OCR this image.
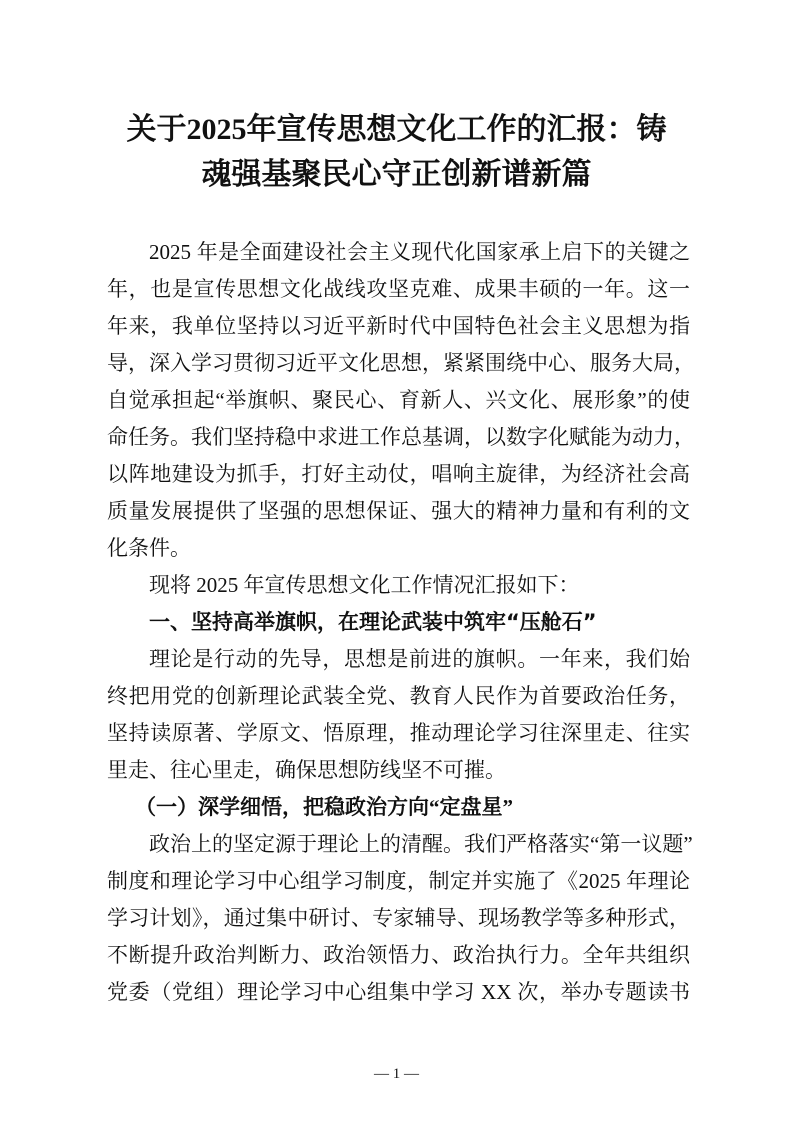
关于2025年宣传思想文化工作的汇报：铸
魂强基聚民心守正创新谱新篇
2025 年是全面建设社会主义现代化国家承上启下的关键之
年，也是宣传思想文化战线攻坚克难、成果丰硕的一年。这一
年来，我单位坚持以习近平新时代中国特色社会主义思想为指
导，深入学习贯彻习近平文化思想，紧紧围绕中心、服务大局，
自觉承担起“举旗帜、聚民心、育新人、兴文化、展形象”的使
命任务。我们坚持稳中求进工作总基调，以数字化赋能为动力，
以阵地建设为抓手，打好主动仗，唱响主旋律，为经济社会高
质量发展提供了坚强的思想保证、强大的精神力量和有利的文
化条件。
现将 2025 年宣传思想文化工作情况汇报如下：
一、坚持高举旗帜，在理论武装中筑牢“压舱石”
理论是行动的先导，思想是前进的旗帜。一年来，我们始
终把用党的创新理论武装全党、教育人民作为首要政治任务，
坚持读原著、学原文、悟原理，推动理论学习往深里走、往实
里走、往心里走，确保思想防线坚不可摧。
（一）深学细悟，把稳政治方向“定盘星”
政治上的坚定源于理论上的清醒。我们严格落实“第一议题”
制度和理论学习中心组学习制度，制定并实施了《2025 年理论
学习计划》，通过集中研讨、专家辅导、现场教学等多种形式，
不断提升政治判断力、政治领悟力、政治执行力。全年共组织
党委（党组）理论学习中心组集中学习 XX 次，举办专题读书
— 1 —
